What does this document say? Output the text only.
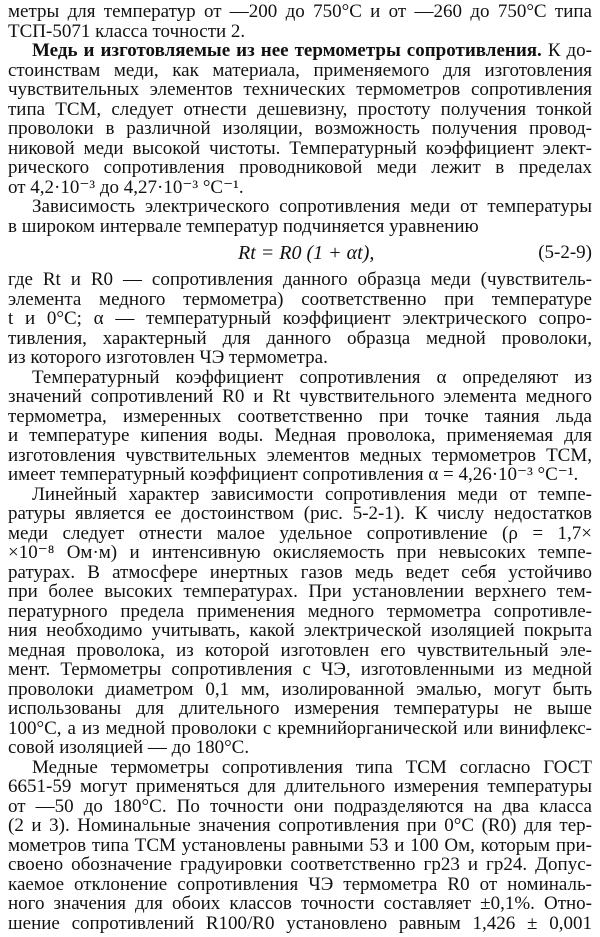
метры для температур от —200 до 750°С и от —260 до 750°С типа
ТСП-5071 класса точности 2.
Медь и изготовляемые из нее термометры сопротивления. К до-
стоинствам меди, как материала, применяемого для изготовления
чувствительных элементов технических термометров сопротивления
типа ТСМ, следует отнести дешевизну, простоту получения тонкой
проволоки в различной изоляции, возможность получения провод-
никовой меди высокой чистоты. Температурный коэффициент элект-
рического сопротивления проводниковой меди лежит в пределах
от 4,2·10⁻³ до 4,27·10⁻³ °С⁻¹.
Зависимость электрического сопротивления меди от температуры
в широком интервале температур подчиняется уравнению
Rt = R0 (1 + αt),	(5-2-9)
где Rt и R0 — сопротивления данного образца меди (чувствитель-
элемента медного термометра) соответственно при температуре
t и 0°С; α — температурный коэффициент электрического сопро-
тивления, характерный для данного образца медной проволоки,
из которого изготовлен ЧЭ термометра.
Температурный коэффициент сопротивления α определяют из
значений сопротивлений R0 и Rt чувствительного элемента медного
термометра, измеренных соответственно при точке таяния льда
и температуре кипения воды. Медная проволока, применяемая для
изготовления чувствительных элементов медных термометров ТСМ,
имеет температурный коэффициент сопротивления α = 4,26·10⁻³ °С⁻¹.
Линейный характер зависимости сопротивления меди от темпе-
ратуры является ее достоинством (рис. 5-2-1). К числу недостатков
меди следует отнести малое удельное сопротивление (ρ = 1,7×
×10⁻⁸ Ом·м) и интенсивную окисляемость при невысоких темпе-
ратурах. В атмосфере инертных газов медь ведет себя устойчиво
при более высоких температурах. При установлении верхнего тем-
пературного предела применения медного термометра сопротивле-
ния необходимо учитывать, какой электрической изоляцией покрыта
медная проволока, из которой изготовлен его чувствительный эле-
мент. Термометры сопротивления с ЧЭ, изготовленными из медной
проволоки диаметром 0,1 мм, изолированной эмалью, могут быть
использованы для длительного измерения температуры не выше
100°С, а из медной проволоки с кремнийорганической или винифлекс-
совой изоляцией — до 180°С.
Медные термометры сопротивления типа ТСМ согласно ГОСТ
6651-59 могут применяться для длительного измерения температуры
от —50 до 180°С. По точности они подразделяются на два класса
(2 и 3). Номинальные значения сопротивления при 0°С (R0) для тер-
мометров типа ТСМ установлены равными 53 и 100 Ом, которым при-
своено обозначение градуировки соответственно гр23 и гр24. Допус-
каемое отклонение сопротивления ЧЭ термометра R0 от номиналь-
ного значения для обоих классов точности составляет ±0,1%. Отно-
шение сопротивлений R100/R0 установлено равным 1,426 ± 0,001
